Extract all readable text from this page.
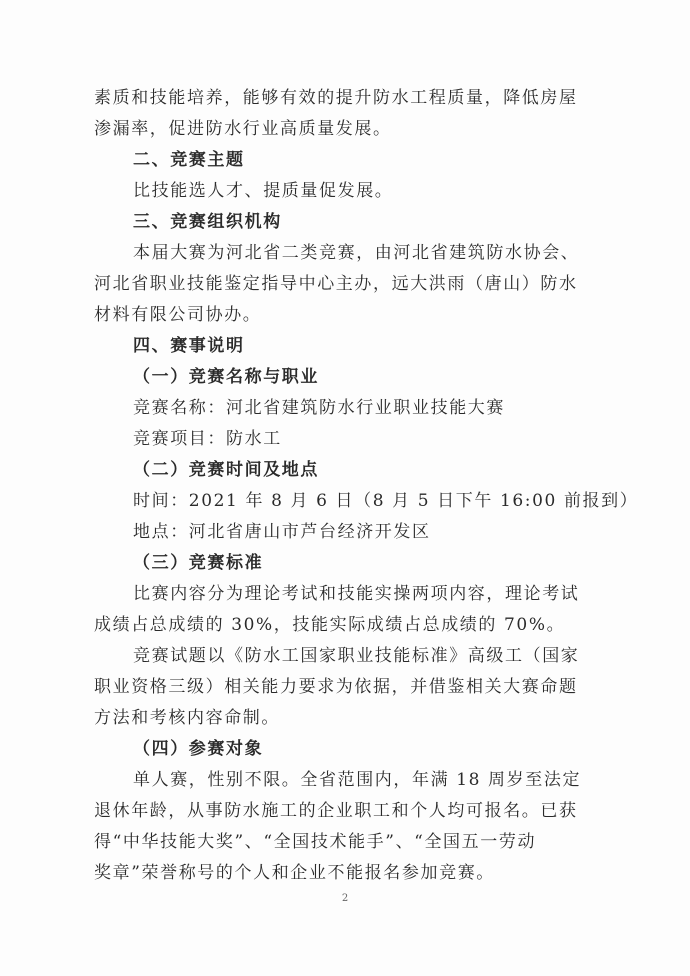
素质和技能培养，能够有效的提升防水工程质量，降低房屋
渗漏率，促进防水行业高质量发展。
二、竞赛主题
比技能选人才、提质量促发展。
三、竞赛组织机构
本届大赛为河北省二类竞赛，由河北省建筑防水协会、
河北省职业技能鉴定指导中心主办，远大洪雨（唐山）防水
材料有限公司协办。
四、赛事说明
（一）竞赛名称与职业
竞赛名称：河北省建筑防水行业职业技能大赛
竞赛项目：防水工
（二）竞赛时间及地点
时间：2021 年 8 月 6 日（8 月 5 日下午 16:00 前报到）
地点：河北省唐山市芦台经济开发区
（三）竞赛标准
比赛内容分为理论考试和技能实操两项内容，理论考试
成绩占总成绩的 30%，技能实际成绩占总成绩的 70%。
竞赛试题以《防水工国家职业技能标准》高级工（国家
职业资格三级）相关能力要求为依据，并借鉴相关大赛命题
方法和考核内容命制。
（四）参赛对象
单人赛，性别不限。全省范围内，年满 18 周岁至法定
退休年龄，从事防水施工的企业职工和个人均可报名。已获
得“中华技能大奖”、“全国技术能手”、“全国五一劳动
奖章”荣誉称号的个人和企业不能报名参加竞赛。
2
